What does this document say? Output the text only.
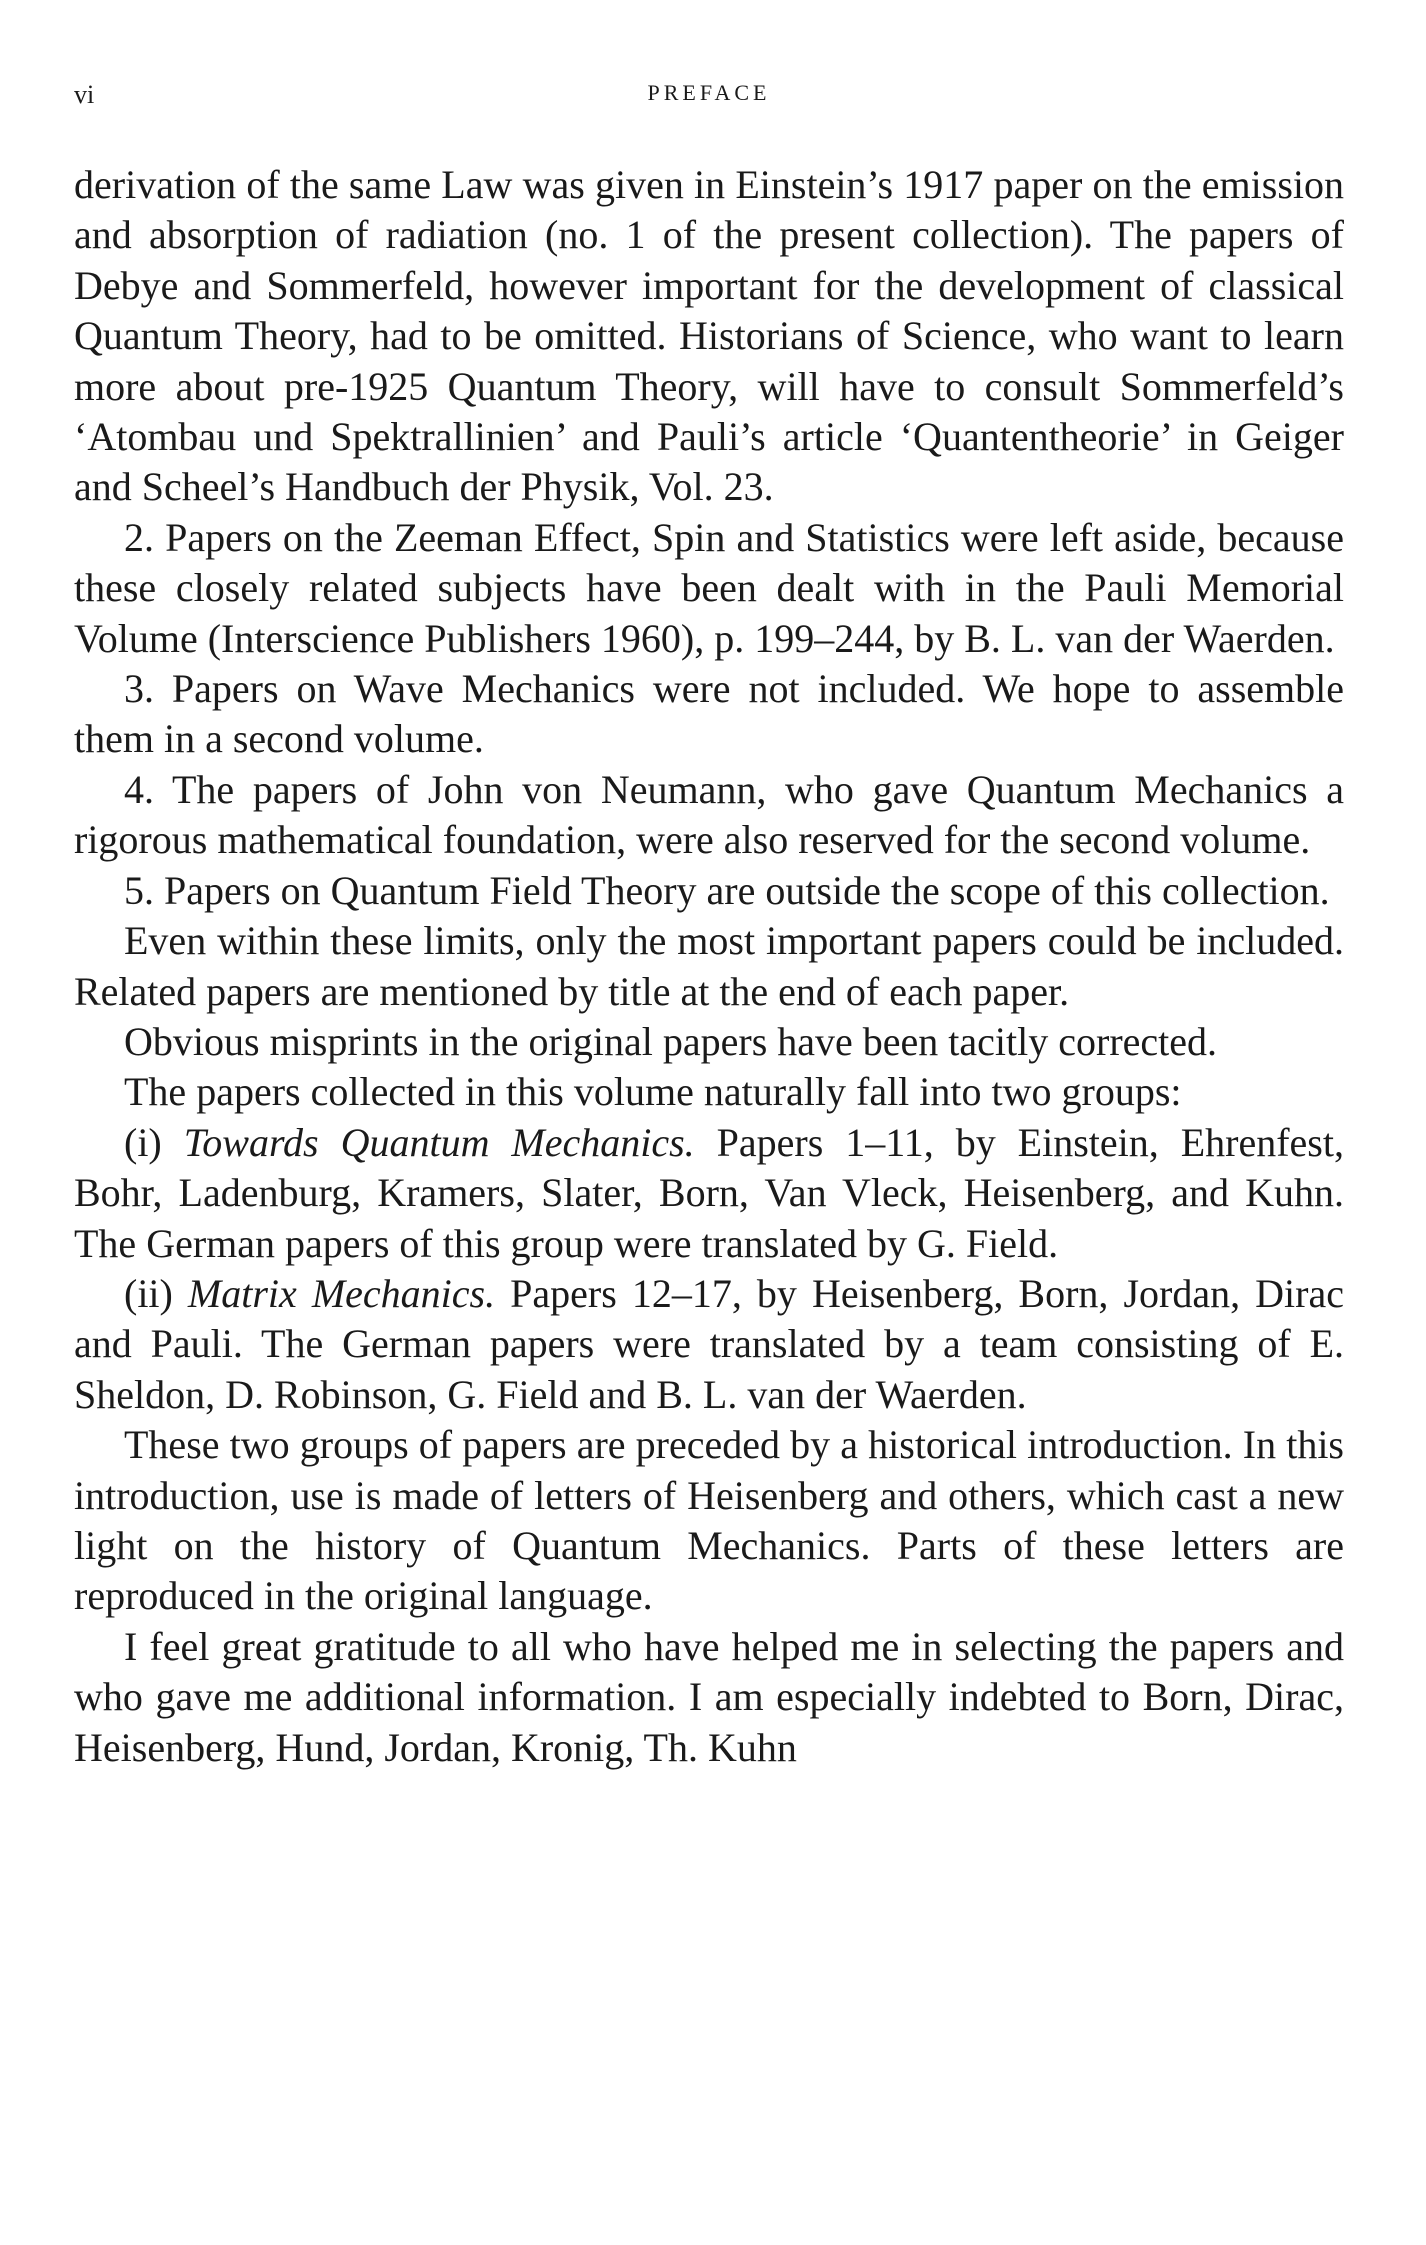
vi	PREFACE

derivation of the same Law was given in Einstein’s 1917 paper on the emission and absorption of radiation (no. 1 of the present collection). The papers of Debye and Sommerfeld, however important for the development of classical Quantum Theory, had to be omitted. Historians of Science, who want to learn more about pre-1925 Quantum Theory, will have to consult Sommerfeld’s ‘Atombau und Spektrallinien’ and Pauli’s article ‘Quantentheorie’ in Geiger and Scheel’s Handbuch der Physik, Vol. 23.

2. Papers on the Zeeman Effect, Spin and Statistics were left aside, because these closely related subjects have been dealt with in the Pauli Memorial Volume (Interscience Publishers 1960), p. 199–244, by B. L. van der Waerden.

3. Papers on Wave Mechanics were not included. We hope to assemble them in a second volume.

4. The papers of John von Neumann, who gave Quantum Mechanics a rigorous mathematical foundation, were also reserved for the second volume.

5. Papers on Quantum Field Theory are outside the scope of this collection.

Even within these limits, only the most important papers could be included. Related papers are mentioned by title at the end of each paper.

Obvious misprints in the original papers have been tacitly corrected.

The papers collected in this volume naturally fall into two groups:

(i) Towards Quantum Mechanics. Papers 1–11, by Einstein, Ehrenfest, Bohr, Ladenburg, Kramers, Slater, Born, Van Vleck, Heisenberg, and Kuhn. The German papers of this group were translated by G. Field.

(ii) Matrix Mechanics. Papers 12–17, by Heisenberg, Born, Jordan, Dirac and Pauli. The German papers were translated by a team consisting of E. Sheldon, D. Robinson, G. Field and B. L. van der Waerden.

These two groups of papers are preceded by a historical introduction. In this introduction, use is made of letters of Heisenberg and others, which cast a new light on the history of Quantum Mechanics. Parts of these letters are reproduced in the original language.

I feel great gratitude to all who have helped me in selecting the papers and who gave me additional information. I am especially indebted to Born, Dirac, Heisenberg, Hund, Jordan, Kronig, Th. Kuhn
